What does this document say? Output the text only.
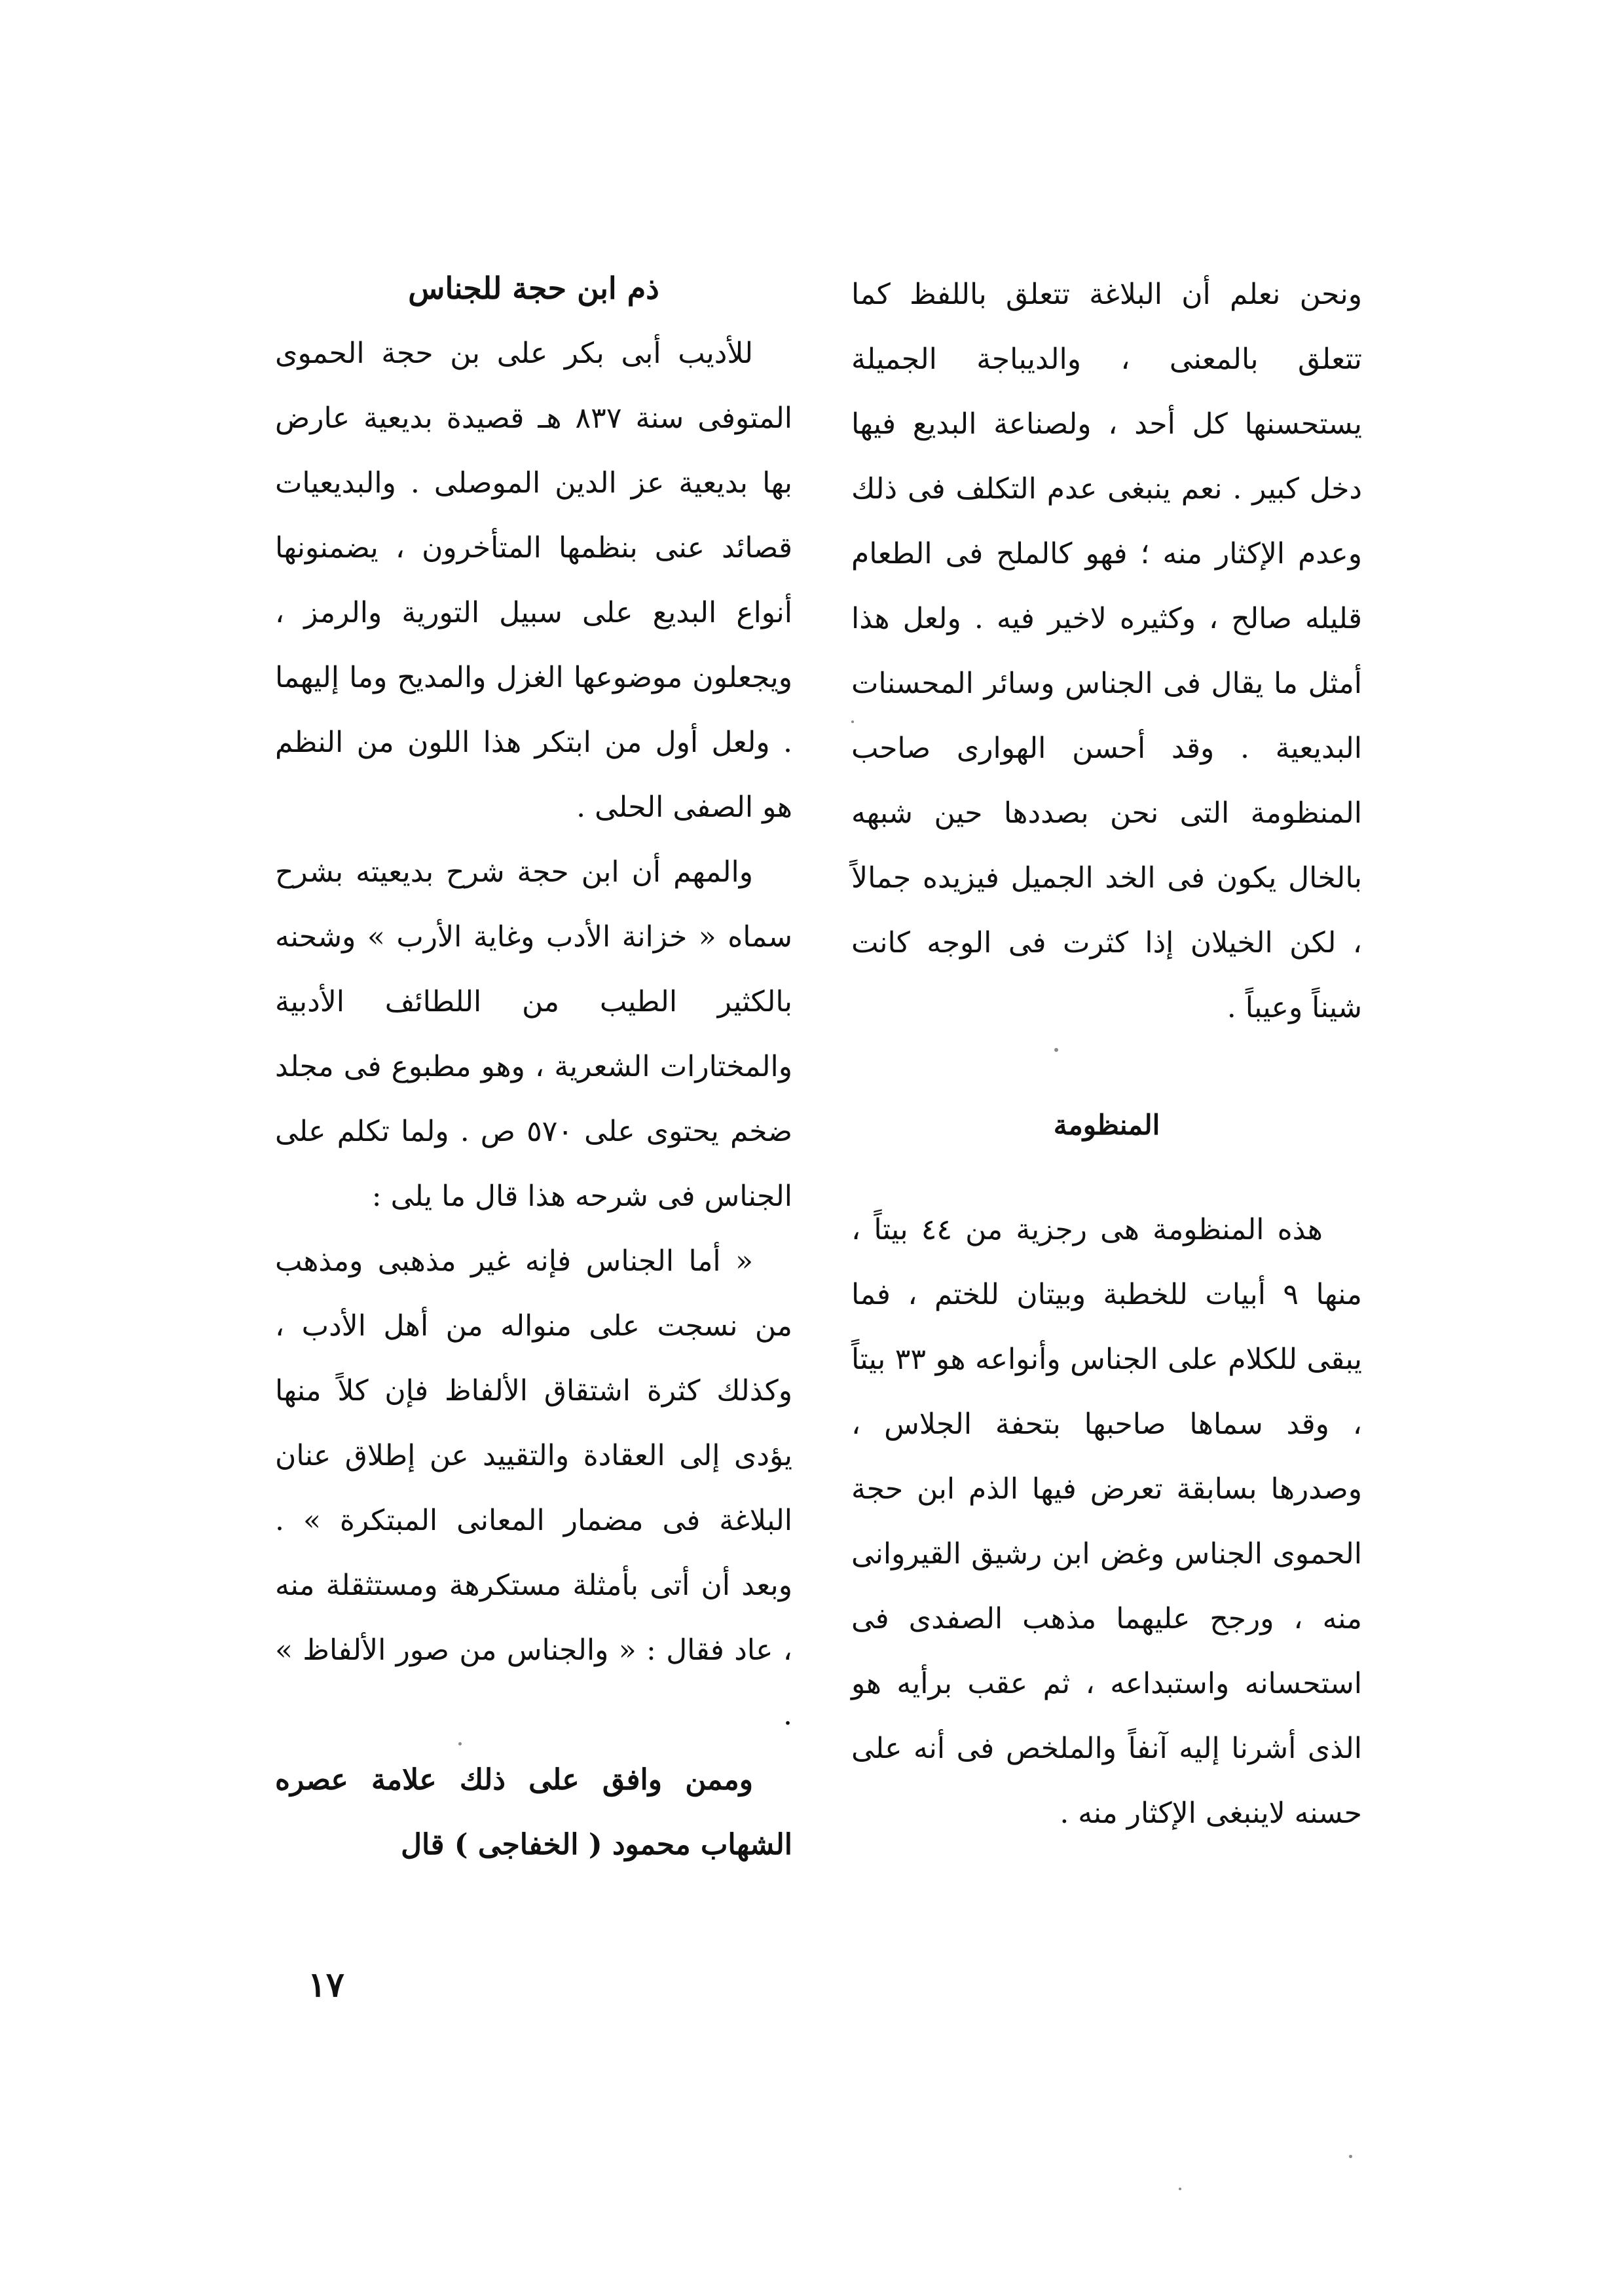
ونحن نعلم أن البلاغة تتعلق باللفظ كما تتعلق بالمعنى ، والديباجة الجميلة يستحسنها كل أحد ، ولصناعة البديع فيها دخل كبير . نعم ينبغى عدم التكلف فى ذلك وعدم الإكثار منه ؛ فهو كالملح فى الطعام قليله صالح ، وكثيره لاخير فيه . ولعل هذا أمثل ما يقال فى الجناس وسائر المحسنات البديعية . وقد أحسن الهوارى صاحب المنظومة التى نحن بصددها حين شبهه بالخال يكون فى الخد الجميل فيزيده جمالاً ، لكن الخيلان إذا كثرت فى الوجه كانت شيناً وعيباً .

المنظومة

هذه المنظومة هى رجزية من ٤٤ بيتاً ، منها ٩ أبيات للخطبة وبيتان للختم ، فما يبقى للكلام على الجناس وأنواعه هو ٣٣ بيتاً ، وقد سماها صاحبها بتحفة الجلاس ، وصدرها بسابقة تعرض فيها الذم ابن حجة الحموى الجناس وغض ابن رشيق القيروانى منه ، ورجح عليهما مذهب الصفدى فى استحسانه واستبداعه ، ثم عقب برأيه هو الذى أشرنا إليه آنفاً والملخص فى أنه على حسنه لاينبغى الإكثار منه .

ذم ابن حجة للجناس

للأديب أبى بكر على بن حجة الحموى المتوفى سنة ٨٣٧ هـ قصيدة بديعية عارض بها بديعية عز الدين الموصلى . والبديعيات قصائد عنى بنظمها المتأخرون ، يضمنونها أنواع البديع على سبيل التورية والرمز ، ويجعلون موضوعها الغزل والمديح وما إليهما . ولعل أول من ابتكر هذا اللون من النظم هو الصفى الحلى .

والمهم أن ابن حجة شرح بديعيته بشرح سماه « خزانة الأدب وغاية الأرب » وشحنه بالكثير الطيب من اللطائف الأدبية والمختارات الشعرية ، وهو مطبوع فى مجلد ضخم يحتوى على ٥٧٠ ص . ولما تكلم على الجناس فى شرحه هذا قال ما يلى :

« أما الجناس فإنه غير مذهبى ومذهب من نسجت على منواله من أهل الأدب ، وكذلك كثرة اشتقاق الألفاظ فإن كلاً منها يؤدى إلى العقادة والتقييد عن إطلاق عنان البلاغة فى مضمار المعانى المبتكرة » . وبعد أن أتى بأمثلة مستكرهة ومستثقلة منه ، عاد فقال : « والجناس من صور الألفاظ » .

وممن وافق على ذلك علامة عصره الشهاب محمود ( الخفاجى ) قال

١٧
